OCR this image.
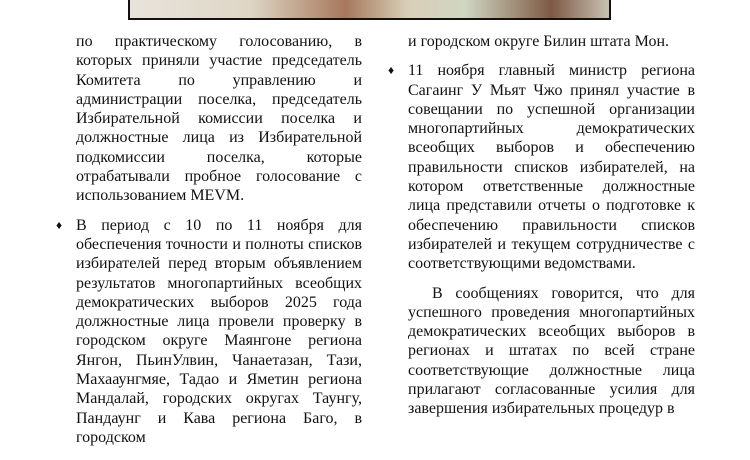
по практическому голосованию, в которых приняли участие председатель Комитета по управлению и администрации поселка, председатель Избирательной комиссии поселка и должностные лица из Избирательной подкомиссии поселка, которые отрабатывали пробное голосование с использованием MEVM.

♦ В период с 10 по 11 ноября для обеспечения точности и полноты списков избирателей перед вторым объявлением результатов многопартийных всеобщих демократических выборов 2025 года должностные лица провели проверку в городском округе Маянгоне региона Янгон, ПьинУлвин, Чанаетазан, Тази, Махааунгмяе, Тадао и Яметин региона Мандалай, городских округах Таунгу, Пандаунг и Кава региона Баго, в городском

и городском округе Билин штата Мон.

♦ 11 ноября главный министр региона Сагаинг У Мьят Чжо принял участие в совещании по успешной организации многопартийных демократических всеобщих выборов и обеспечению правильности списков избирателей, на котором ответственные должностные лица представили отчеты о подготовке к обеспечению правильности списков избирателей и текущем сотрудничестве с соответствующими ведомствами.

В сообщениях говорится, что для успешного проведения многопартийных демократических всеобщих выборов в регионах и штатах по всей стране соответствующие должностные лица прилагают согласованные усилия для завершения избирательных процедур в
